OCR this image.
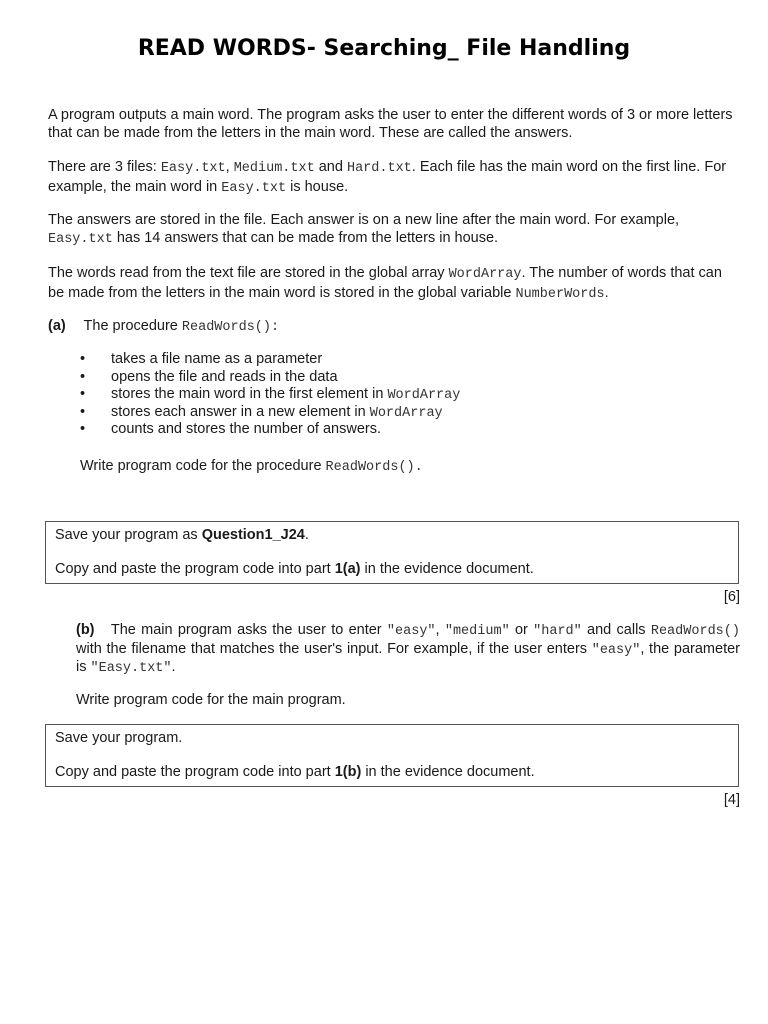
READ WORDS- Searching_ File Handling
A program outputs a main word. The program asks the user to enter the different words of 3 or more letters that can be made from the letters in the main word. These are called the answers.
There are 3 files: Easy.txt, Medium.txt and Hard.txt. Each file has the main word on the first line. For example, the main word in Easy.txt is house.
The answers are stored in the file. Each answer is on a new line after the main word. For example, Easy.txt has 14 answers that can be made from the letters in house.
The words read from the text file are stored in the global array WordArray. The number of words that can be made from the letters in the main word is stored in the global variable NumberWords.
(a) The procedure ReadWords():
• takes a file name as a parameter
• opens the file and reads in the data
• stores the main word in the first element in WordArray
• stores each answer in a new element in WordArray
• counts and stores the number of answers.
Write program code for the procedure ReadWords().
Save your program as Question1_J24.
Copy and paste the program code into part 1(a) in the evidence document.
[6]
(b) The main program asks the user to enter "easy", "medium" or "hard" and calls ReadWords() with the filename that matches the user's input. For example, if the user enters "easy", the parameter is "Easy.txt".
Write program code for the main program.
Save your program.
Copy and paste the program code into part 1(b) in the evidence document.
[4]
